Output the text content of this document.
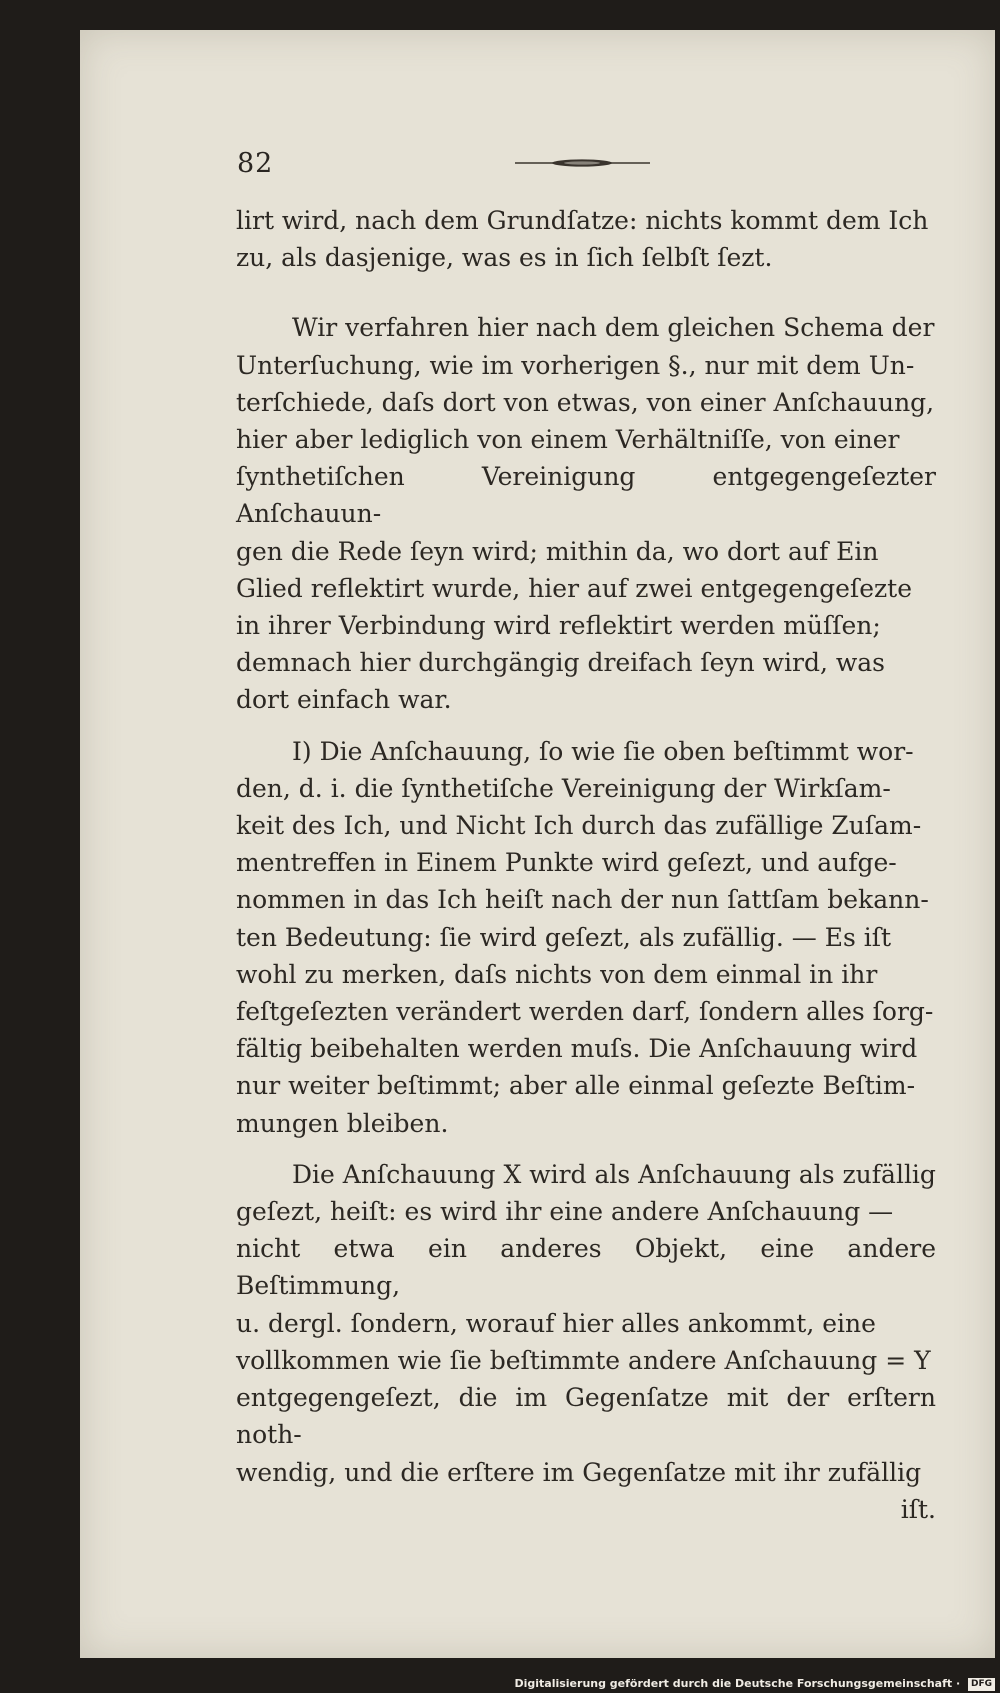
82
lirt wird, nach dem Grundſatze: nichts kommt dem Ich
zu, als dasjenige, was es in ſich ſelbſt ſezt.
Wir verfahren hier nach dem gleichen Schema der
Unterſuchung, wie im vorherigen §., nur mit dem Un-
terſchiede, daſs dort von etwas, von einer Anſchauung,
hier aber lediglich von einem Verhältniſſe, von einer
ſynthetiſchen Vereinigung entgegengeſezter Anſchauun-
gen die Rede ſeyn wird; mithin da, wo dort auf Ein
Glied reflektirt wurde, hier auf zwei entgegengeſezte
in ihrer Verbindung wird reflektirt werden müſſen;
demnach hier durchgängig dreifach ſeyn wird, was
dort einfach war.
I) Die Anſchauung, ſo wie ſie oben beſtimmt wor-
den, d. i. die ſynthetiſche Vereinigung der Wirkſam-
keit des Ich, und Nicht Ich durch das zufällige Zuſam-
mentreffen in Einem Punkte wird geſezt, und aufge-
nommen in das Ich heiſt nach der nun ſattſam bekann-
ten Bedeutung: ſie wird geſezt, als zufällig. — Es iſt
wohl zu merken, daſs nichts von dem einmal in ihr
feſtgeſezten verändert werden darf, ſondern alles ſorg-
fältig beibehalten werden muſs. Die Anſchauung wird
nur weiter beſtimmt; aber alle einmal geſezte Beſtim-
mungen bleiben.
Die Anſchauung X wird als Anſchauung als zufällig
geſezt, heiſt: es wird ihr eine andere Anſchauung —
nicht etwa ein anderes Objekt, eine andere Beſtimmung,
u. dergl. ſondern, worauf hier alles ankommt, eine
vollkommen wie ſie beſtimmte andere Anſchauung = Y
entgegengeſezt, die im Gegenſatze mit der erſtern noth-
wendig, und die erſtere im Gegenſatze mit ihr zufällig
iſt.
Digitalisierung gefördert durch die Deutsche Forschungsgemeinschaft · DFG
